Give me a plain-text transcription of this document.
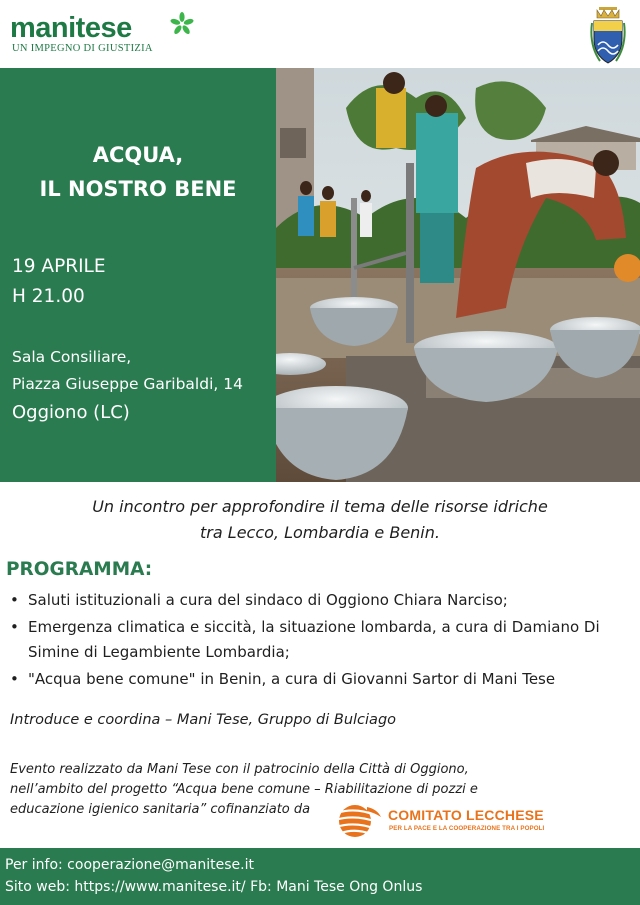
manitese
UN IMPEGNO DI GIUSTIZIA
ACQUA,
IL NOSTRO BENE
19 APRILE
H 21.00
Sala Consiliare,
Piazza Giuseppe Garibaldi, 14
Oggiono (LC)
Un incontro per approfondire il tema delle risorse idriche
tra Lecco, Lombardia e Benin.
PROGRAMMA:
• Saluti istituzionali a cura del sindaco di Oggiono Chiara Narciso;
• Emergenza climatica e siccità, la situazione lombarda, a cura di Damiano Di Simine di Legambiente Lombardia;
• "Acqua bene comune" in Benin, a cura di Giovanni Sartor di Mani Tese
Introduce e coordina – Mani Tese, Gruppo di Bulciago
Evento realizzato da Mani Tese con il patrocinio della Città di Oggiono,
nell’ambito del progetto “Acqua bene comune – Riabilitazione di pozzi e
educazione igienico sanitaria” cofinanziato da	COMITATO LECCHESE
PER LA PACE E LA COOPERAZIONE TRA I POPOLI
Per info: cooperazione@manitese.it
Sito web: https://www.manitese.it/ Fb: Mani Tese Ong Onlus
